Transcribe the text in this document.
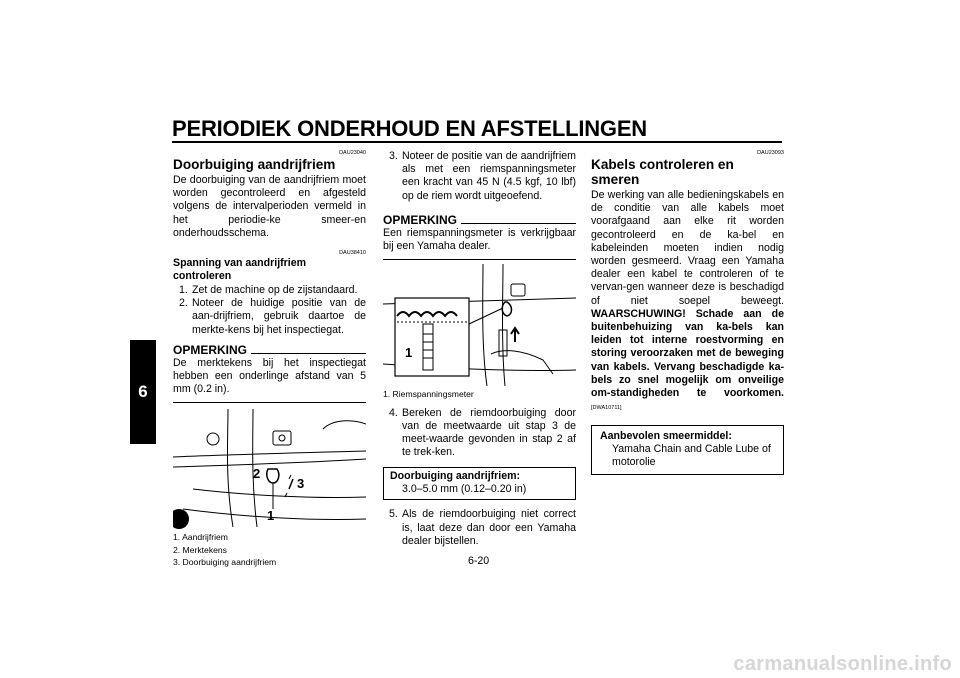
PERIODIEK ONDERHOUD EN AFSTELLINGEN
6
DAU23040
Doorbuiging aandrijfriem

De doorbuiging van de aandrijfriem moet worden gecontroleerd en afgesteld volgens de intervalperioden vermeld in het periodie-ke smeer-en onderhoudsschema.

DAU38410
Spanning van aandrijfriem controleren
1. Zet de machine op de zijstandaard.
2. Noteer de huidige positie van de aan-drijfriem, gebruik daartoe de merkte-kens bij het inspectiegat.
OPMERKING

De merktekens bij het inspectiegat hebben een onderlinge afstand van 5 mm (0.2 in).

2
3
1
1. Aandrijfriem
2. Merktekens
3. Doorbuiging aandrijfriem
3. Noteer de positie van de aandrijfriem als met een riemspanningsmeter een kracht van 45 N (4.5 kgf, 10 lbf) op de riem wordt uitgeoefend.
OPMERKING

Een riemspanningsmeter is verkrijgbaar bij een Yamaha dealer.

1
1. Riemspanningsmeter
4. Bereken de riemdoorbuiging door van de meetwaarde uit stap 3 de meet-waarde gevonden in stap 2 af te trek-ken.
Doorbuiging aandrijfriem:
3.0–5.0 mm (0.12–0.20 in)
5. Als de riemdoorbuiging niet correct is, laat deze dan door een Yamaha dealer bijstellen.
DAU23093
Kabels controleren en smeren

De werking van alle bedieningskabels en de conditie van alle kabels moet voorafgaand aan elke rit worden gecontroleerd en de ka-bel en kabeleinden moeten indien nodig worden gesmeerd. Vraag een Yamaha dealer een kabel te controleren of te vervan-gen wanneer deze is beschadigd of niet soepel beweegt. WAARSCHUWING! Schade aan de buitenbehuizing van ka-bels kan leiden tot interne roestvorming en storing veroorzaken met de beweging van kabels. Vervang beschadigde ka-bels zo snel mogelijk om onveilige om-standigheden te voorkomen. [DWA10711]

Aanbevolen smeermiddel:
Yamaha Chain and Cable Lube of motorolie
6-20
carmanualsonline.info
